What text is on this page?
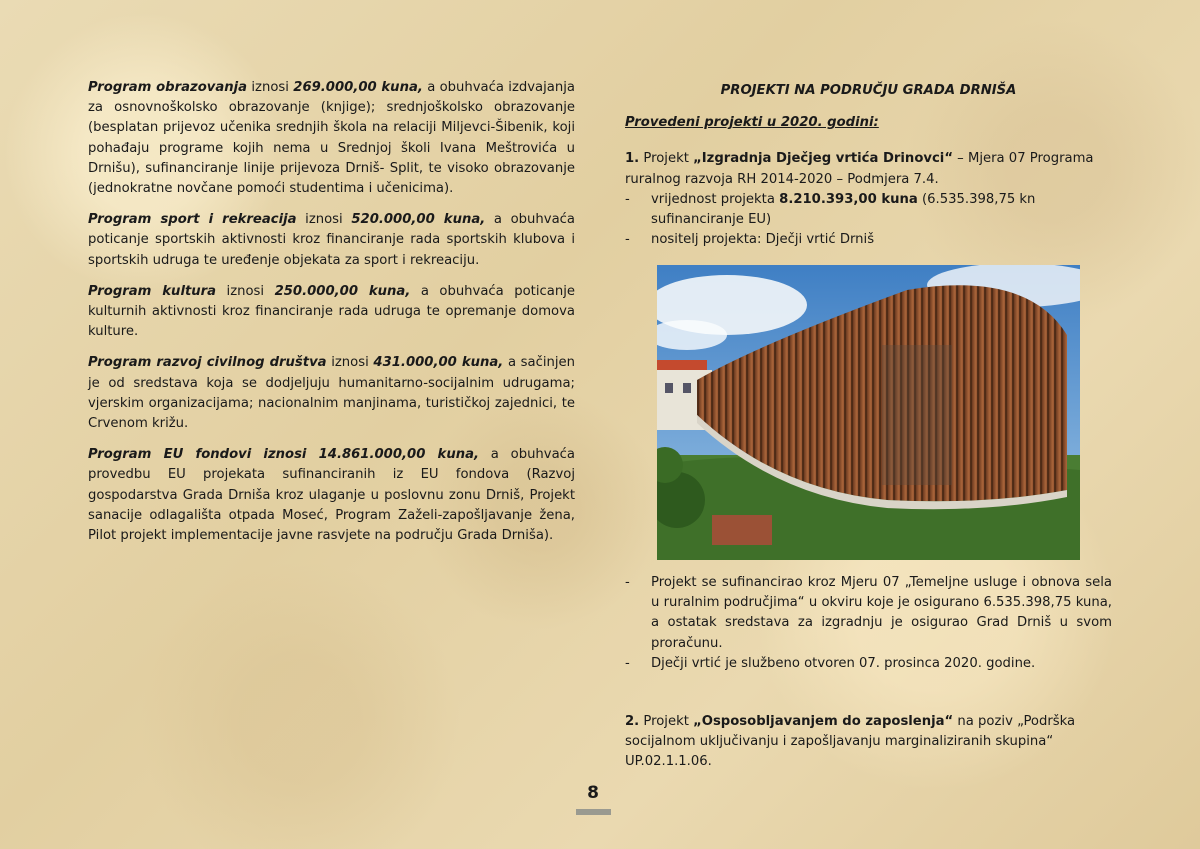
Program obrazovanja iznosi 269.000,00 kuna, a obuhvaća izdvajanja za osnovnoškolsko obrazovanje (knjige); srednjoškolsko obrazovanje (besplatan prijevoz učenika srednjih škola na relaciji Miljevci-Šibenik, koji pohađaju programe kojih nema u Srednjoj školi Ivana Meštrovića u Drnišu), sufinanciranje linije prijevoza Drniš- Split, te visoko obrazovanje (jednokratne novčane pomoći studentima i učenicima).

Program sport i rekreacija iznosi 520.000,00 kuna, a obuhvaća poticanje sportskih aktivnosti kroz financiranje rada sportskih klubova i sportskih udruga te uređenje objekata za sport i rekreaciju.

Program kultura iznosi 250.000,00 kuna, a obuhvaća poticanje kulturnih aktivnosti kroz financiranje rada udruga te opremanje domova kulture.

Program razvoj civilnog društva iznosi 431.000,00 kuna, a sačinjen je od sredstava koja se dodjeljuju humanitarno-socijalnim udrugama; vjerskim organizacijama; nacionalnim manjinama, turističkoj zajednici, te Crvenom križu.

Program EU fondovi iznosi 14.861.000,00 kuna, a obuhvaća provedbu EU projekata sufinanciranih iz EU fondova (Razvoj gospodarstva Grada Drniša kroz ulaganje u poslovnu zonu Drniš, Projekt sanacije odlagališta otpada Moseć, Program Zaželi-zapošljavanje žena, Pilot projekt implementacije javne rasvjete na području Grada Drniša).

PROJEKTI NA PODRUČJU GRADA DRNIŠA
Provedeni projekti u 2020. godini:

1. Projekt „Izgradnja Dječjeg vrtića Drinovci“ – Mjera 07 Programa ruralnog razvoja RH 2014-2020 – Podmjera 7.4.

- vrijednost projekta 8.210.393,00 kuna (6.535.398,75 kn sufinanciranje EU)
- nositelj projekta: Dječji vrtić Drniš
- Projekt se sufinancirao kroz Mjeru 07 „Temeljne usluge i obnova sela u ruralnim područjima“ u okviru koje je osigurano 6.535.398,75 kuna, a ostatak sredstava za izgradnju je osigurao Grad Drniš u svom proračunu.
- Dječji vrtić je službeno otvoren 07. prosinca 2020. godine.

2. Projekt „Osposobljavanjem do zaposlenja“ na poziv „Podrška socijalnom uključivanju i zapošljavanju marginaliziranih skupina“ UP.02.1.1.06.

8
